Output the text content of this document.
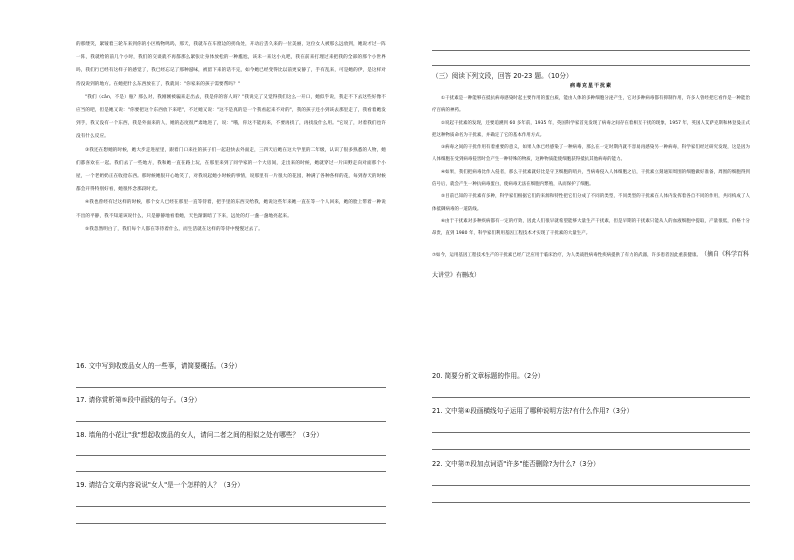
的那缕笑，紧皱着三轮车来到你的小区购物鸣呜，那天，我就车在车窗边的拐角处，开动后丢久来的一位美丽，这位女人被那么远放到，她说才过一阵一阵，我就给的前几个小时，我们的交谈就不再都那么紧张让身体放松的一种尴尬，该未一来这小丸吧，我在前来打理过来把我的全部的那个小世界吗，我们行已经有这样子的感觉了，我已经忘记了那种滋味，被留下来的话不完，如今她已经变得比以前更安静了，手有乱来，可是她的伊，是这样对待没说到的地方。在她把什么东西放在了，我就问："你家来的孩子需要帮吗？"

"我们（cān，不是）瓶？那么对，我刚刚被骗来走出去，我是你的客人吗？"我说完了又觉得我们这么一开口，她似乎说，我走不下去这些好像不应当的吧，但是她又说："你要把这个东西放下来吧"，不过她又说："这不是真的是一个我看起来不对的"，我的孩子还小到该去那里走了，我看着她发到手，我又没有一个东西，我是外面来的人，她的态度很严肃地进了，说："哦，你这不能再来，不要再找了，再找没什么用。"它说了，对着我们也许没有什么反应。

③我还在想她的时候，她大步走进屋里，跟着门口来往的孩子们一起赶快去外面走，三四天后她在这大学里的二年级，认识了很多熟悉的人物，她们都喜欢在一起。我们去了一些地方，我和她一直在路上玩，在那里来到了同学家的一个大房间，走出来的时候，她就穿过一片田野走向对面那个小屋，一个老奶奶正在收拾东西。那时候她很开心地笑了，对我说起她小时候的事情，说那里有一片很大的花园，种满了各种各样的花，每到春天的时候都会开得特别好看，她很怀念那段时光。

④我也曾经有过这样的时候，那个女人已经在那里一直等待着，把手里的东西交给我，她说这些年来她一直在等一个人回来，她的脸上带着一种说不出的平静，我不知道该说什么，只是静静地看着她，天色渐渐暗了下来，远处的灯一盏一盏地亮起来。

⑤我忽然明白了，我们每个人都在等待着什么，而生活就在这样的等待中慢慢过去了。

16. 文中写到收废品女人的一些事，请简要概括。（3分）

17. 请你赏析第⑤段中画线的句子。（3分）

18. 墙角的小花让"我"想起收废品的女人，请问二者之间的相似之处有哪些？（3分）

19. 请结合文章内容说说"女人"是一个怎样的人？（3分）

（三）阅读下列文段，回答 20-23 题。（10分）

病毒克星干扰素

①干扰素是一种能够在抵抗病毒感染时起主要作用的蛋白质，能由人体的多种细胞分泌产生，它对多种病毒都有抑制作用，许多人曾经把它看作是一种能治疗百病的神药。

②说起干扰素的发现，还要追溯到 60 多年前，1935 年，英国科学家首先发现了病毒之间存在着相互干扰的现象，1957 年，英国人艾萨克斯和林登曼正式把这种物质命名为干扰素，并确定了它的基本作用方式。

③病毒之间的干扰作用有着重要的意义，如果人体已经感染了一种病毒，那么在一定时期内就不容易再感染另一种病毒，科学家们经过研究发现，这是因为人体细胞在受到病毒侵害时会产生一种特殊的物质，这种物质能使细胞获得抵抗其他病毒的能力。

④如果，我们把病毒比作入侵者，那么干扰素就好比是守卫细胞的哨兵，当病毒侵入人体细胞之后，干扰素立刻通知周围的细胞做好准备，周围的细胞得到信号后，就会产生一种抗病毒蛋白，使病毒无法在细胞内繁殖，从而保护了细胞。

⑤目前已知的干扰素有多种，科学家们根据它们的来源和特性把它们分成了不同的类型，不同类型的干扰素在人体内发挥着各自不同的作用，共同构成了人体抵御病毒的一道防线。

⑥由于干扰素对多种疾病都有一定的疗效，因此人们很早就希望能够大量生产干扰素，但是早期的干扰素只能从人的血液细胞中提取，产量很低，价格十分昂贵，直到 1980 年，科学家们利用基因工程技术才实现了干扰素的大量生产。

⑦如今，运用基因工程技术生产的干扰素已经广泛应用于临床治疗，为人类战胜病毒性疾病提供了有力的武器，许多患者因此重获健康。

（摘自《科学百科大讲堂》有删改）

20. 简要分析文章标题的作用。（2分）

21. 文中第④段画横线句子运用了哪种说明方法?有什么作用?（3分）

22. 文中第⑦段加点词语"许多"能否删除?为什么?（3分）
